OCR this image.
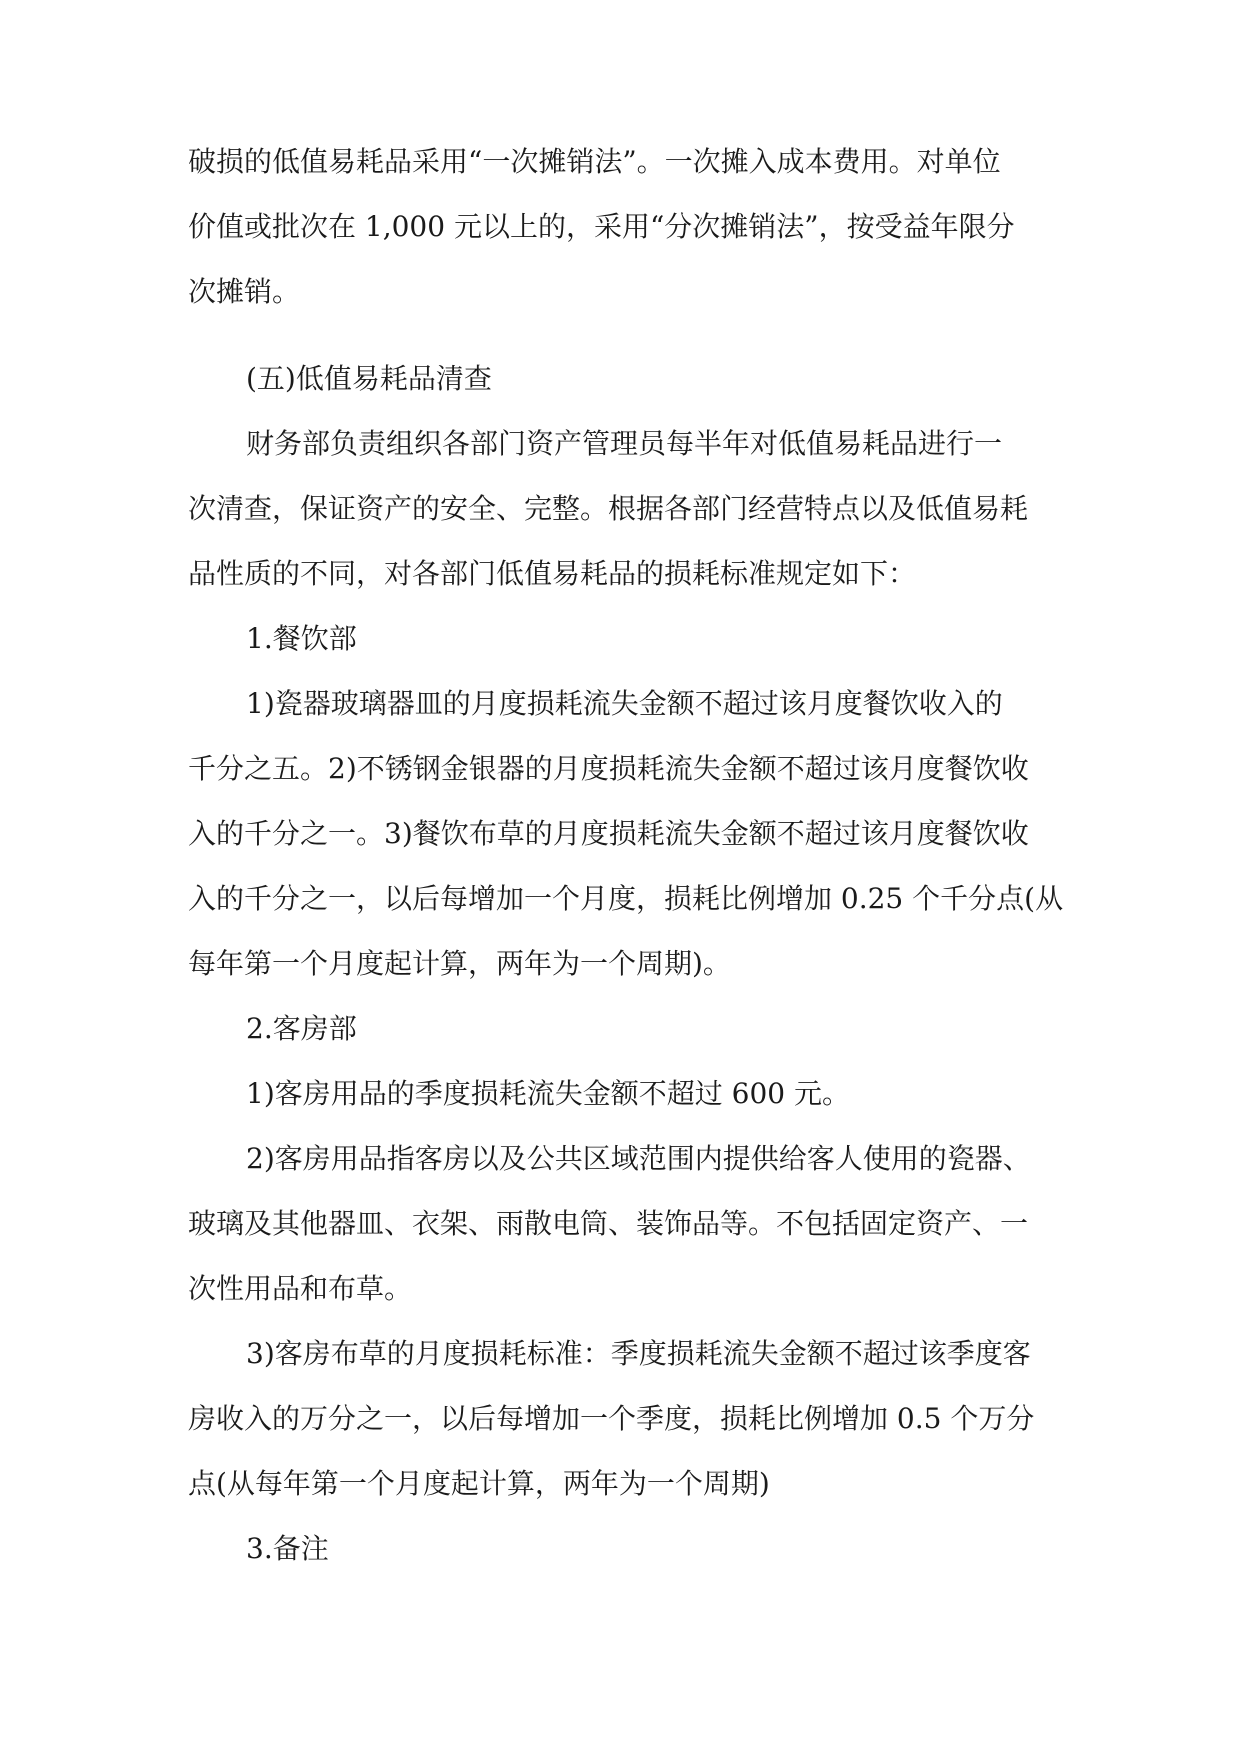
破损的低值易耗品采用“一次摊销法”。一次摊入成本费用。对单位

价值或批次在 1,000 元以上的，采用“分次摊销法”，按受益年限分

次摊销。

(五)低值易耗品清查

财务部负责组织各部门资产管理员每半年对低值易耗品进行一

次清查，保证资产的安全、完整。根据各部门经营特点以及低值易耗

品性质的不同，对各部门低值易耗品的损耗标准规定如下：

1.餐饮部

1)瓷器玻璃器皿的月度损耗流失金额不超过该月度餐饮收入的

千分之五。2)不锈钢金银器的月度损耗流失金额不超过该月度餐饮收

入的千分之一。3)餐饮布草的月度损耗流失金额不超过该月度餐饮收

入的千分之一，以后每增加一个月度，损耗比例增加 0.25 个千分点(从

每年第一个月度起计算，两年为一个周期)。

2.客房部

1)客房用品的季度损耗流失金额不超过 600 元。

2)客房用品指客房以及公共区域范围内提供给客人使用的瓷器、

玻璃及其他器皿、衣架、雨散电筒、装饰品等。不包括固定资产、一

次性用品和布草。

3)客房布草的月度损耗标准：季度损耗流失金额不超过该季度客

房收入的万分之一，以后每增加一个季度，损耗比例增加 0.5 个万分

点(从每年第一个月度起计算，两年为一个周期)

3.备注
